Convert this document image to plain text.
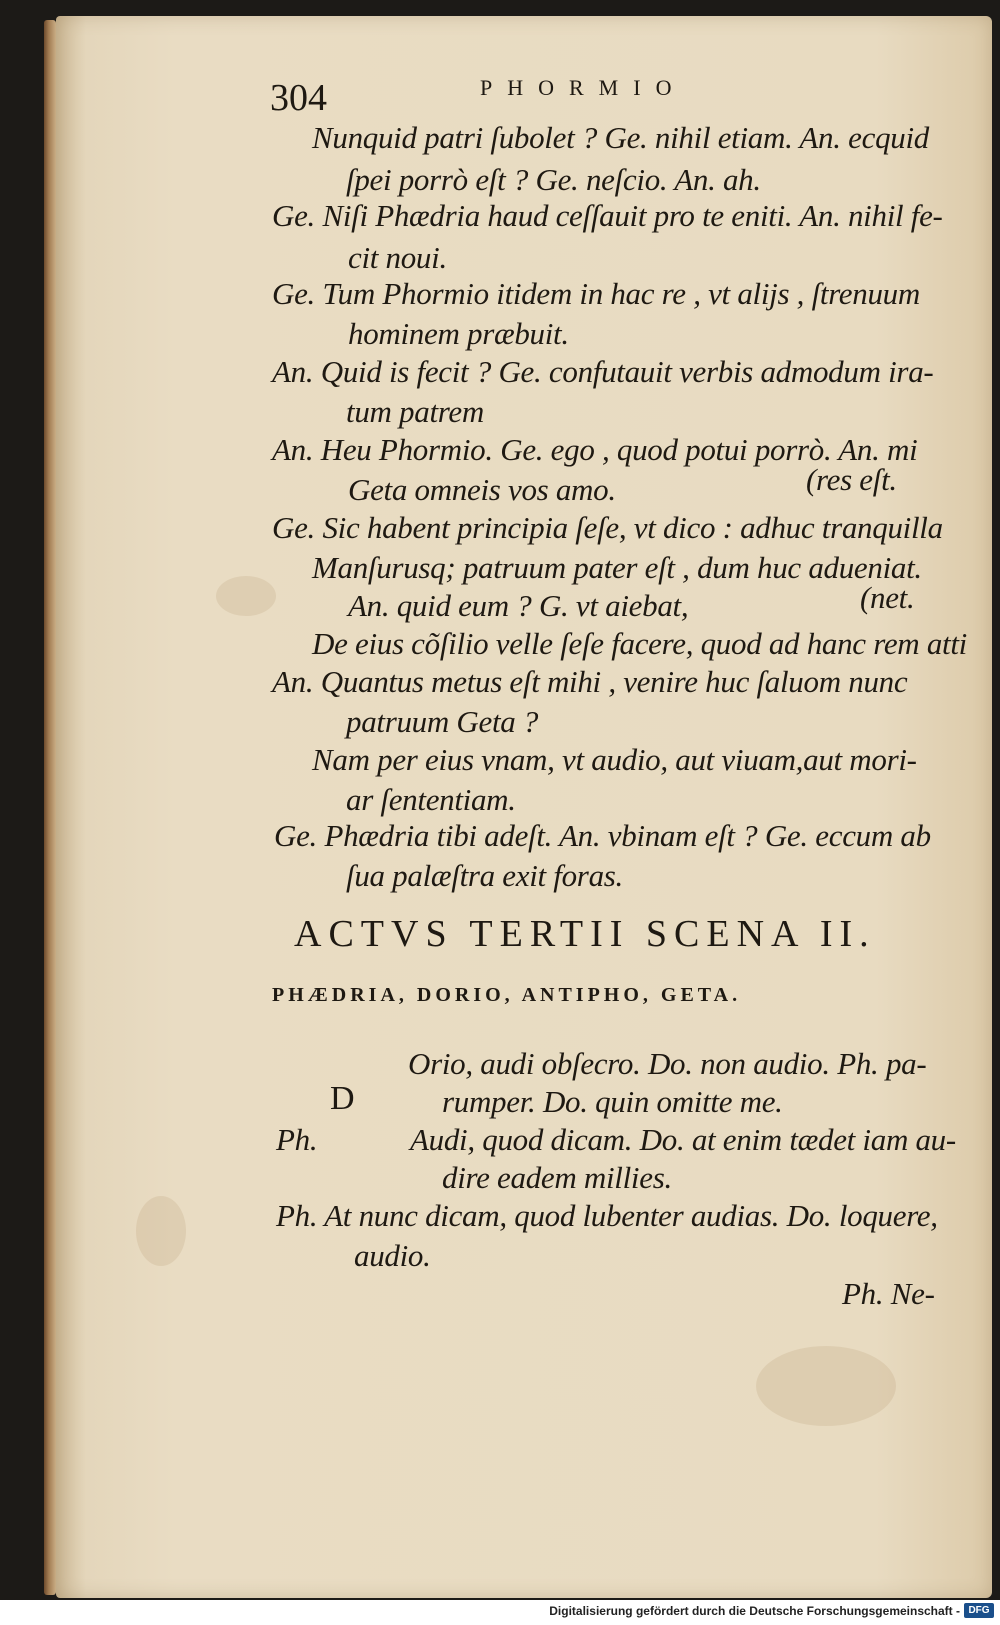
304	PHORMIO
Nunquid patri ſubolet ? Ge. nihil etiam. An. ecquid
ſpei porrò eſt ? Ge. neſcio. An. ah.
Ge. Niſi Phædria haud ceſſauit pro te eniti. An. nihil fe-
cit noui.
Ge. Tum Phormio itidem in hac re , vt alijs , ſtrenuum
hominem præbuit.
An. Quid is fecit ? Ge. confutauit verbis admodum ira-
tum patrem
An. Heu Phormio. Ge. ego , quod potui porrò. An. mi
Geta omneis vos amo.	(res eſt.
Ge. Sic habent principia ſeſe, vt dico : adhuc tranquilla
Manſurusq; patruum pater eſt , dum huc adueniat.
An. quid eum ? G. vt aiebat,	(net.
De eius cõſilio velle ſeſe facere, quod ad hanc rem atti
An. Quantus metus eſt mihi , venire huc ſaluom nunc
patruum Geta ?
Nam per eius vnam, vt audio, aut viuam,aut mori-
ar ſententiam.
Ge. Phædria tibi adeſt. An. vbinam eſt ? Ge. eccum ab
ſua palæſtra exit foras.
ACTVS TERTII SCENA II.
PHÆDRIA, DORIO, ANTIPHO, GETA.
D
Orio, audi obſecro. Do. non audio. Ph. pa-
rumper. Do. quin omitte me.
Ph.	Audi, quod dicam. Do. at enim tædet iam au-
dire eadem millies.
Ph. At nunc dicam, quod lubenter audias. Do. loquere,
audio.
Ph. Ne-
Digitalisierung gefördert durch die Deutsche Forschungsgemeinschaft - DFG
